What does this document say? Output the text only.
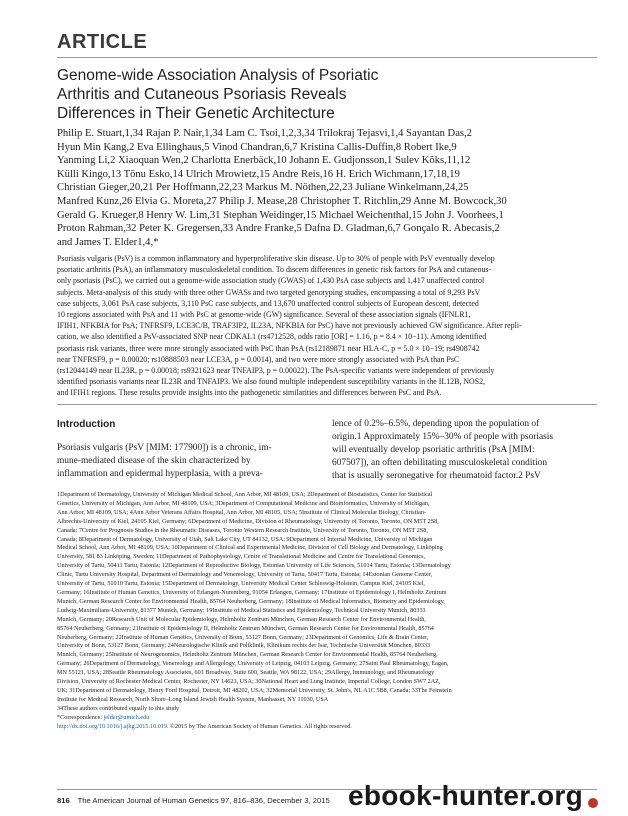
ARTICLE
Genome-wide Association Analysis of Psoriatic
Arthritis and Cutaneous Psoriasis Reveals
Differences in Their Genetic Architecture
Philip E. Stuart,1,34 Rajan P. Nair,1,34 Lam C. Tsoi,1,2,3,34 Trilokraj Tejasvi,1,4 Sayantan Das,2
Hyun Min Kang,2 Eva Ellinghaus,5 Vinod Chandran,6,7 Kristina Callis-Duffin,8 Robert Ike,9
Yanming Li,2 Xiaoquan Wen,2 Charlotta Enerbäck,10 Johann E. Gudjonsson,1 Sulev Kõks,11,12
Külli Kingo,13 Tõnu Esko,14 Ulrich Mrowietz,15 Andre Reis,16 H. Erich Wichmann,17,18,19
Christian Gieger,20,21 Per Hoffmann,22,23 Markus M. Nöthen,22,23 Juliane Winkelmann,24,25
Manfred Kunz,26 Elvia G. Moreta,27 Philip J. Mease,28 Christopher T. Ritchlin,29 Anne M. Bowcock,30
Gerald G. Krueger,8 Henry W. Lim,31 Stephan Weidinger,15 Michael Weichenthal,15 John J. Voorhees,1
Proton Rahman,32 Peter K. Gregersen,33 Andre Franke,5 Dafna D. Gladman,6,7 Gonçalo R. Abecasis,2
and James T. Elder1,4,*
Psoriasis vulgaris (PsV) is a common inflammatory and hyperproliferative skin disease. Up to 30% of people with PsV eventually develop
psoriatic arthritis (PsA), an inflammatory musculoskeletal condition. To discern differences in genetic risk factors for PsA and cutaneous-
only psoriasis (PsC), we carried out a genome-wide association study (GWAS) of 1,430 PsA case subjects and 1,417 unaffected control
subjects. Meta-analysis of this study with three other GWASs and two targeted genotyping studies, encompassing a total of 9,293 PsV
case subjects, 3,061 PsA case subjects, 3,110 PsC case subjects, and 13,670 unaffected control subjects of European descent, detected
10 regions associated with PsA and 11 with PsC at genome-wide (GW) significance. Several of these association signals (IFNLR1,
IFIH1, NFKBIA for PsA; TNFRSF9, LCE3C/B, TRAF3IP2, IL23A, NFKBIA for PsC) have not previously achieved GW significance. After repli-
cation, we also identified a PsV-associated SNP near CDKAL1 (rs4712528, odds ratio [OR] = 1.16, p = 8.4 × 10−11). Among identified
psoriasis risk variants, three were more strongly associated with PsC than PsA (rs12189871 near HLA-C, p = 5.0 × 10−19; rs4908742
near TNFRSF9, p = 0.00020; rs10888503 near LCE3A, p = 0.0014), and two were more strongly associated with PsA than PsC
(rs12044149 near IL23R, p = 0.00018; rs9321623 near TNFAIP3, p = 0.00022). The PsA-specific variants were independent of previously
identified psoriasis variants near IL23R and TNFAIP3. We also found multiple independent susceptibility variants in the IL12B, NOS2,
and IFIH1 regions. These results provide insights into the pathogenetic similarities and differences between PsC and PsA.
Introduction
Psoriasis vulgaris (PsV [MIM: 177900]) is a chronic, im-
mune-mediated disease of the skin characterized by
inflammation and epidermal hyperplasia, with a preva-
lence of 0.2%–6.5%, depending upon the population of
origin.1 Approximately 15%–30% of people with psoriasis
will eventually develop psoriatic arthritis (PsA [MIM:
607507]), an often debilitating musculoskeletal condition
that is usually seronegative for rheumatoid factor.2 PsV
1Department of Dermatology, University of Michigan Medical School, Ann Arbor, MI 48109, USA; 2Department of Biostatistics, Center for Statistical
Genetics, University of Michigan, Ann Arbor, MI 48109, USA; 3Department of Computational Medicine and Bioinformatics, University of Michigan,
Ann Arbor, MI 48109, USA; 4Ann Arbor Veterans Affairs Hospital, Ann Arbor, MI 48105, USA; 5Institute of Clinical Molecular Biology, Christian-
Albrechts-University of Kiel, 24105 Kiel, Germany; 6Department of Medicine, Division of Rheumatology, University of Toronto, Toronto, ON M5T 2S8,
Canada; 7Centre for Prognosis Studies in the Rheumatic Diseases, Toronto Western Research Institute, University of Toronto, Toronto, ON M5T 2S8,
Canada; 8Department of Dermatology, University of Utah, Salt Lake City, UT 84132, USA; 9Department of Internal Medicine, University of Michigan
Medical School, Ann Arbor, MI 48109, USA; 10Department of Clinical and Experimental Medicine, Division of Cell Biology and Dermatology, Linköping
University, 581 83 Linköping, Sweden; 11Department of Pathophysiology, Centre of Translational Medicine and Centre for Translational Genomics,
University of Tartu, 50411 Tartu, Estonia; 12Department of Reproductive Biology, Estonian University of Life Sciences, 51014 Tartu, Estonia; 13Dermatology
Clinic, Tartu University Hospital, Department of Dermatology and Venereology, University of Tartu, 50417 Tartu, Estonia; 14Estonian Genome Center,
University of Tartu, 51010 Tartu, Estonia; 15Department of Dermatology, University Medical Center Schleswig-Holstein, Campus Kiel, 24105 Kiel,
Germany; 16Institute of Human Genetics, University of Erlangen-Nuremberg, 91054 Erlangen, Germany; 17Institute of Epidemiology I, Helmholtz Zentrum
Munich, German Research Center for Environmental Health, 85764 Neuherberg, Germany; 18Institute of Medical Informatics, Biometry and Epidemiology,
Ludwig-Maximilians-University, 81377 Munich, Germany; 19Institute of Medical Statistics and Epidemiology, Technical University Munich, 80333
Munich, Germany; 20Research Unit of Molecular Epidemiology, Helmholtz Zentrum München, German Research Center for Environmental Health,
85764 Neuherberg, Germany; 21Institute of Epidemiology II, Helmholtz Zentrum München, German Research Center for Environmental Health, 85764
Neuherberg, Germany; 22Institute of Human Genetics, University of Bonn, 53127 Bonn, Germany; 23Department of Genomics, Life & Brain Center,
University of Bonn, 53127 Bonn, Germany; 24Neurologische Klinik and Poliklinik, Klinikum rechts der Isar, Technische Universität München, 80333
Munich, Germany; 25Institute of Neurogenomics, Helmholtz Zentrum München, German Research Center for Environmental Health, 85764 Neuherberg,
Germany; 26Department of Dermatology, Venereology and Allergology, University of Leipzig, 04103 Leipzig, Germany; 27Saint Paul Rheumatology, Eagan,
MN 55121, USA; 28Seattle Rheumatology Associates, 601 Broadway, Suite 600, Seattle, WA 98122, USA; 29Allergy, Immunology, and Rheumatology
Division, University of Rochester Medical Center, Rochester, NY 14623, USA; 30National Heart and Lung Institute, Imperial College, London SW7 2AZ,
UK; 31Department of Dermatology, Henry Ford Hospital, Detroit, MI 48202, USA; 32Memorial University, St. John's, NL A1C 5B8, Canada; 33The Feinstein
Institute for Medical Research, North Shore–Long Island Jewish Health System, Manhasset, NY 11030, USA
34These authors contributed equally to this study
*Correspondence: jelder@umich.edu
http://dx.doi.org/10.1016/j.ajhg.2015.10.019. ©2015 by The American Society of Human Genetics. All rights reserved.
816 The American Journal of Human Genetics 97, 816–836, December 3, 2015 ebook-hunter.org
